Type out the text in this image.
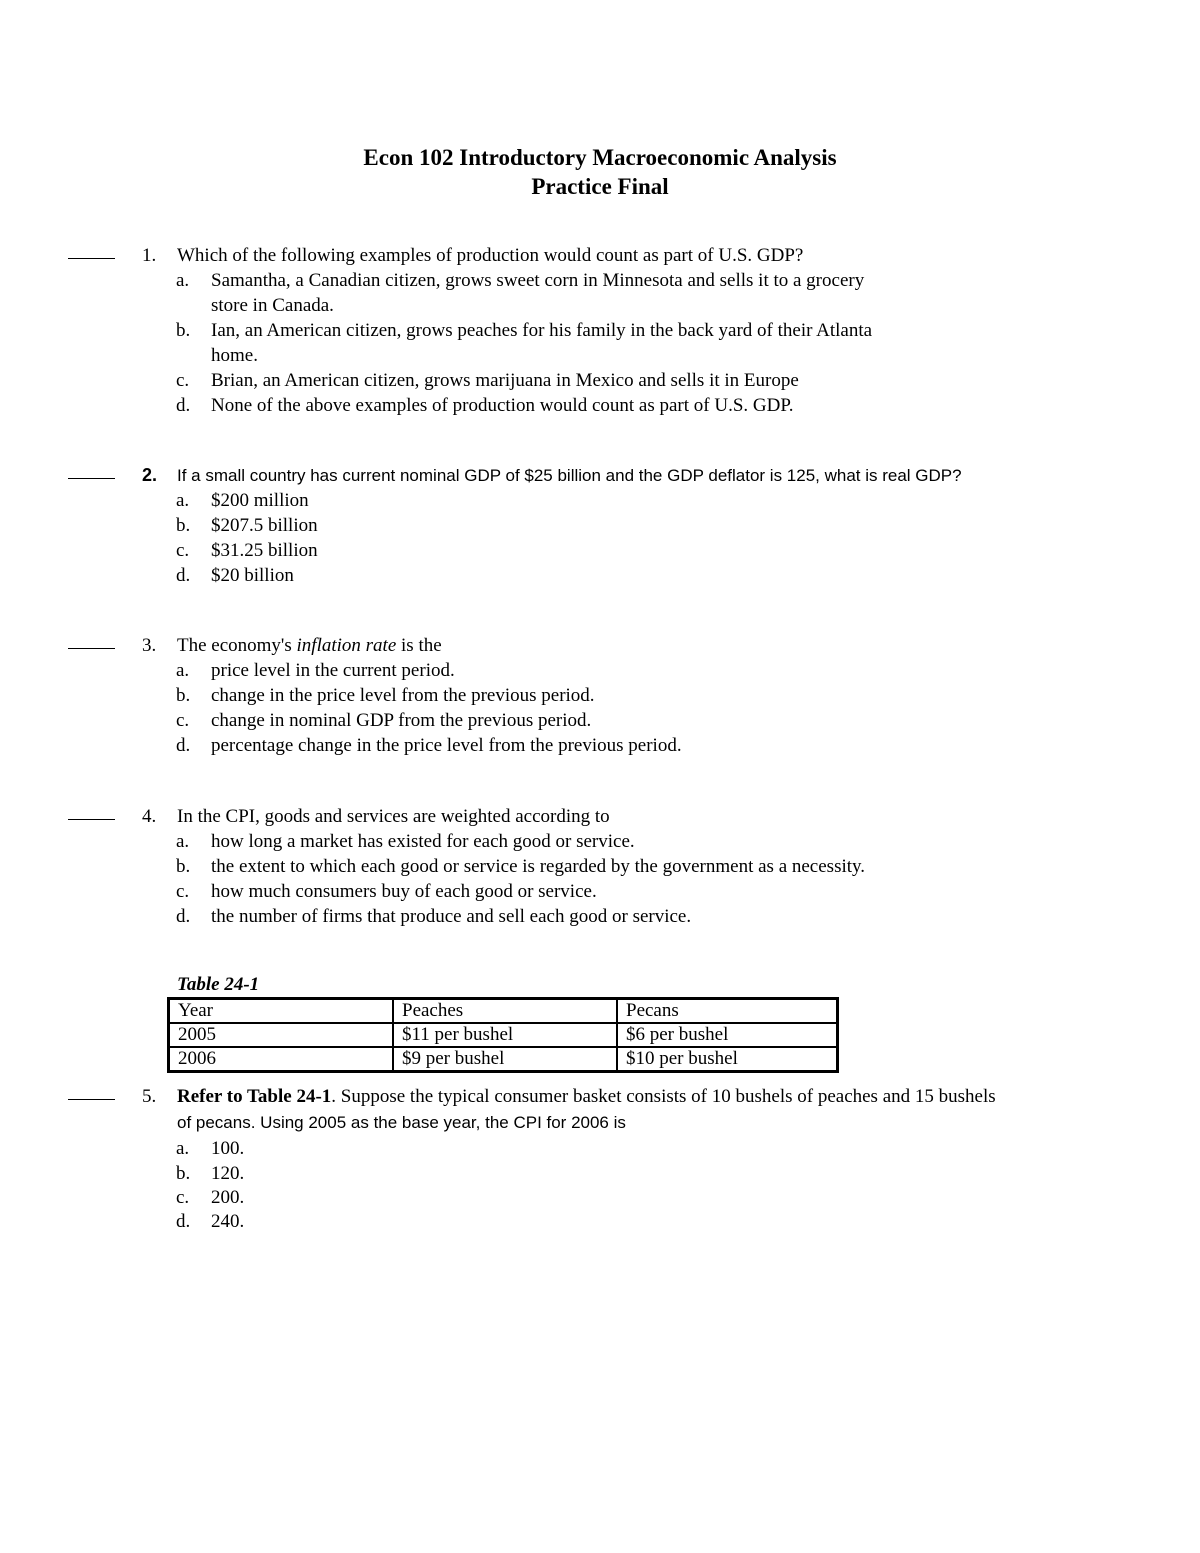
Econ 102 Introductory Macroeconomic Analysis
Practice Final
1. Which of the following examples of production would count as part of U.S. GDP?
a. Samantha, a Canadian citizen, grows sweet corn in Minnesota and sells it to a grocery
store in Canada.
b. Ian, an American citizen, grows peaches for his family in the back yard of their Atlanta
home.
c. Brian, an American citizen, grows marijuana in Mexico and sells it in Europe
d. None of the above examples of production would count as part of U.S. GDP.
2. If a small country has current nominal GDP of $25 billion and the GDP deflator is 125, what is real GDP?
a. $200 million
b. $207.5 billion
c. $31.25 billion
d. $20 billion
3. The economy's inflation rate is the
a. price level in the current period.
b. change in the price level from the previous period.
c. change in nominal GDP from the previous period.
d. percentage change in the price level from the previous period.
4. In the CPI, goods and services are weighted according to
a. how long a market has existed for each good or service.
b. the extent to which each good or service is regarded by the government as a necessity.
c. how much consumers buy of each good or service.
d. the number of firms that produce and sell each good or service.
Table 24-1
Year	Peaches	Pecans
2005	$11 per bushel	$6 per bushel
2006	$9 per bushel	$10 per bushel
5. Refer to Table 24-1. Suppose the typical consumer basket consists of 10 bushels of peaches and 15 bushels
of pecans. Using 2005 as the base year, the CPI for 2006 is
a. 100.
b. 120.
c. 200.
d. 240.
